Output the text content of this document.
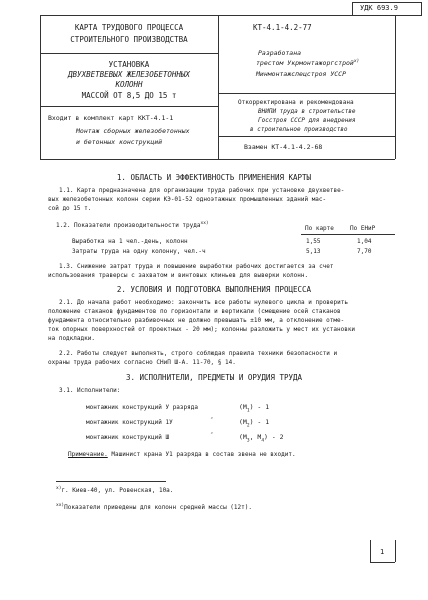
УДК 693.9
КАРТА ТРУДОВОГО ПРОЦЕССА
СТРОИТЕЛЬНОГО ПРОИЗВОДСТВА
УСТАНОВКА
ДВУХВЕТВЕВЫХ ЖЕЛЕЗОБЕТОННЫХ
КОЛОНН
МАССОЙ ОТ 8,5 ДО 15 т
Входит в комплект карт ККТ-4.1-1
Монтаж сборных железобетонных
и бетонных конструкций
КТ-4.1-4.2-77
Разработана
трестом Укрмонтажоргстрой$^{x)}$
Минмонтажспецстроя УССР
Откорректирована и рекомендована
ВНИПИ труда в строительстве
Госстроя СССР для внедрения
в строительное производство
Взамен КТ-4.1-4.2-68
1. ОБЛАСТЬ И ЭФФЕКТИВНОСТЬ ПРИМЕНЕНИЯ КАРТЫ
1.1. Карта предназначена для организации труда рабочих при установке двухветве-
вых железобетонных колонн серии КЭ-01-52 одноэтажных промышленных зданий мас-
сой до 15 т.
1.2. Показатели производительности труда$^{xx)}$
По карте	По ЕНиР
Выработка на 1 чел.-день, колонн	1,55	1,04
Затраты труда на одну колонну, чел.-ч	5,13	7,70
1.3. Снижение затрат труда и повышение выработки рабочих достигается за счет
использования траверсы с захватом и винтовых клиньев для выверки колонн.
2. УСЛОВИЯ И ПОДГОТОВКА ВЫПОЛНЕНИЯ ПРОЦЕССА
2.1. До начала работ необходимо: закончить все работы нулевого цикла и проверить
положение стаканов фундаментов по горизонтали и вертикали (смещение осей стаканов
фундамента относительно разбивочных не должно превышать ±10 мм, а отклонение отме-
ток опорных поверхностей от проектных - 20 мм); колонны разложить у мест их установки
на подкладки.
2.2. Работы следует выполнять, строго соблюдая правила техники безопасности и
охраны труда рабочих согласно СНиП Ш-А. 11-70, § 14.
3. ИСПОЛНИТЕЛИ, ПРЕДМЕТЫ И ОРУДИЯ ТРУДА
3.1. Исполнители:
монтажник конструкций У разряда	$(М_1) - 1$
монтажник конструкций 1У	″	$(М_2) - 1$
монтажник конструкций Ш	″	($М_3$, $М_4) - 2$
Примечание. Машинист крана У1 разряда в состав звена не входит.
$^{x)}$г. Киев-40, ул. Ровенская, 10а.
$^{xx)}$Показатели приведены для колонн средней массы (12т).
1
